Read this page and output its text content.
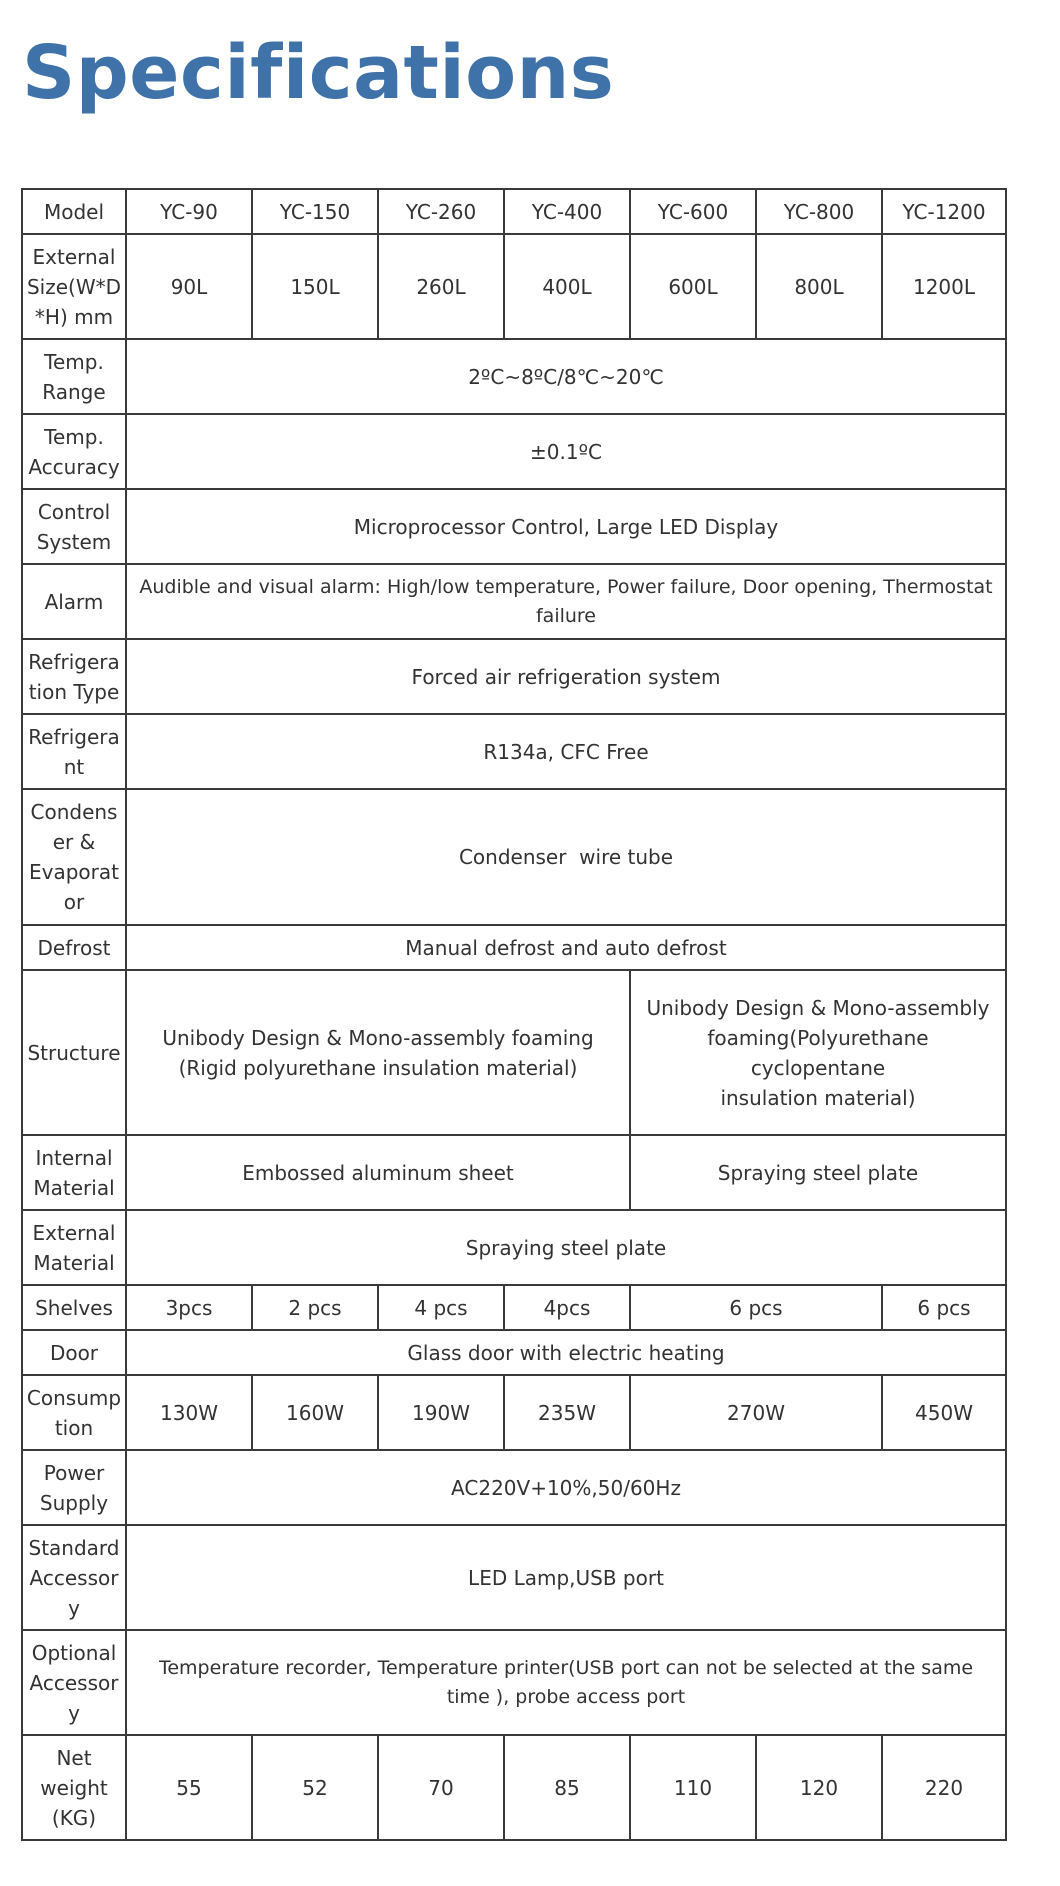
Specifications
Model	YC-90	YC-150	YC-260	YC-400	YC-600	YC-800	YC-1200
External
Size(W*D
*H) mm	90L	150L	260L	400L	600L	800L	1200L
Temp.
Range	2ºC~8ºC/8℃~20℃						
Temp.
Accuracy	±0.1ºC						
Control
System	Microprocessor Control, Large LED Display						
Alarm	Audible and visual alarm: High/low temperature, Power failure, Door opening, Thermostat
failure						
Refrigera
tion Type	Forced air refrigeration system						
Refrigera
nt	R134a, CFC Free						
Condens
er &
Evaporat
or	Condenser  wire tube						
Defrost	Manual defrost and auto defrost						
Structure	Unibody Design & Mono-assembly foaming
(Rigid polyurethane insulation material)				Unibody Design & Mono-assembly
foaming(Polyurethane cyclopentane
insulation material)		
Internal
Material	Embossed aluminum sheet				Spraying steel plate		
External
Material	Spraying steel plate						
Shelves	3pcs	2 pcs	4 pcs	4pcs	6 pcs		6 pcs
Door	Glass door with electric heating						
Consump
tion	130W	160W	190W	235W	270W		450W
Power
Supply	AC220V+10%,50/60Hz						
Standard
Accessor
y	LED Lamp,USB port						
Optional
Accessor
y	Temperature recorder, Temperature printer(USB port can not be selected at the same
time ), probe access port						
Net
weight
(KG)	55	52	70	85	110	120	220
